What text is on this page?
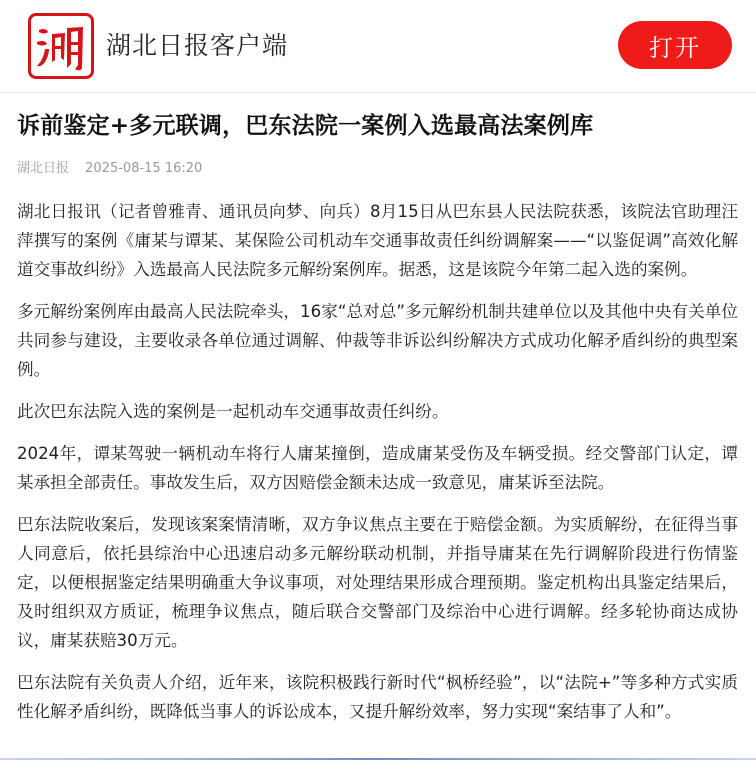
湖北日报客户端	打开
诉前鉴定+多元联调，巴东法院一案例入选最高法案例库
湖北日报 2025-08-15 16:20

湖北日报讯（记者曾雅青、通讯员向梦、向兵）8月15日从巴东县人民法院获悉，该院法官助理汪萍撰写的案例《庸某与谭某、某保险公司机动车交通事故责任纠纷调解案——“以鉴促调”高效化解道交事故纠纷》入选最高人民法院多元解纷案例库。据悉，这是该院今年第二起入选的案例。

多元解纷案例库由最高人民法院牵头，16家“总对总”多元解纷机制共建单位以及其他中央有关单位共同参与建设，主要收录各单位通过调解、仲裁等非诉讼纠纷解决方式成功化解矛盾纠纷的典型案例。

此次巴东法院入选的案例是一起机动车交通事故责任纠纷。

2024年，谭某驾驶一辆机动车将行人庸某撞倒，造成庸某受伤及车辆受损。经交警部门认定，谭某承担全部责任。事故发生后，双方因赔偿金额未达成一致意见，庸某诉至法院。

巴东法院收案后，发现该案案情清晰，双方争议焦点主要在于赔偿金额。为实质解纷，在征得当事人同意后，依托县综治中心迅速启动多元解纷联动机制，并指导庸某在先行调解阶段进行伤情鉴定，以便根据鉴定结果明确重大争议事项，对处理结果形成合理预期。鉴定机构出具鉴定结果后，及时组织双方质证，梳理争议焦点，随后联合交警部门及综治中心进行调解。经多轮协商达成协议，庸某获赔30万元。

巴东法院有关负责人介绍，近年来，该院积极践行新时代“枫桥经验”，以“法院+”等多种方式实质性化解矛盾纠纷，既降低当事人的诉讼成本，又提升解纷效率，努力实现“案结事了人和”。
